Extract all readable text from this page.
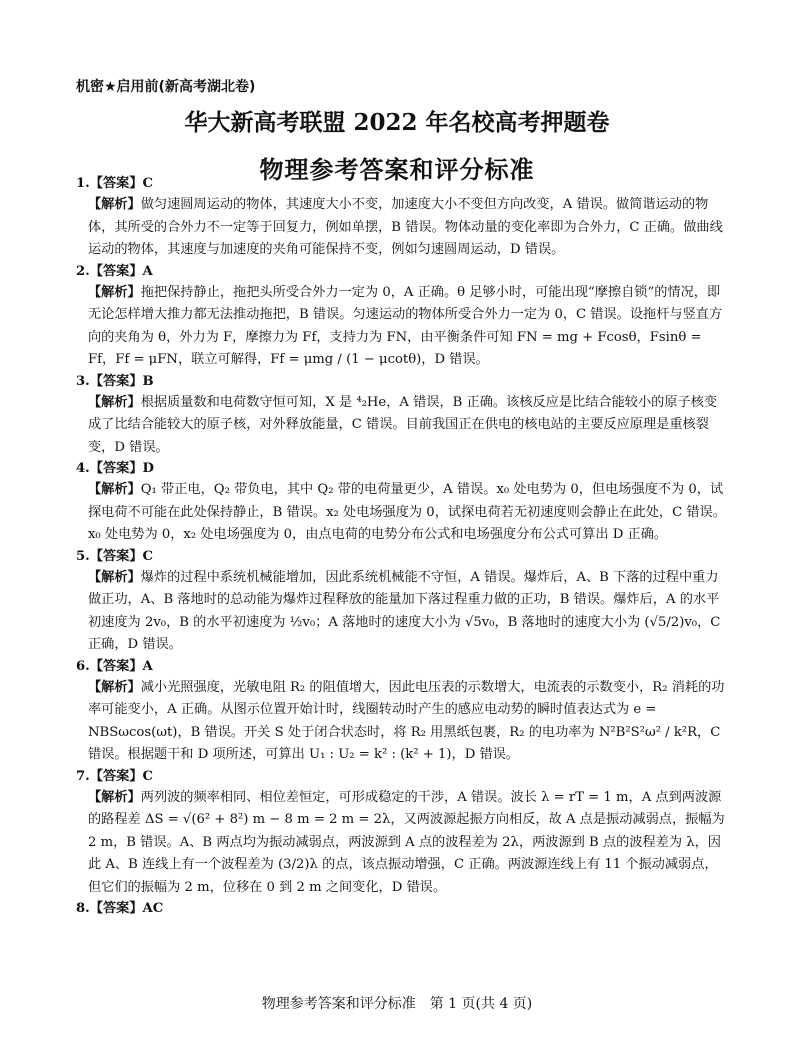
机密★启用前(新高考湖北卷)
华大新高考联盟 2022 年名校高考押题卷
物理参考答案和评分标准

1.【答案】C

【解析】做匀速圆周运动的物体，其速度大小不变，加速度大小不变但方向改变，A 错误。做简谐运动的物体，其所受的合外力不一定等于回复力，例如单摆，B 错误。物体动量的变化率即为合外力，C 正确。做曲线运动的物体，其速度与加速度的夹角可能保持不变，例如匀速圆周运动，D 错误。

2.【答案】A

【解析】拖把保持静止，拖把头所受合外力一定为 0，A 正确。θ 足够小时，可能出现“摩擦自锁”的情况，即无论怎样增大推力都无法推动拖把，B 错误。匀速运动的物体所受合外力一定为 0，C 错误。设拖杆与竖直方向的夹角为 θ，外力为 F，摩擦力为 Ff，支持力为 FN，由平衡条件可知 FN = mg + Fcosθ，Fsinθ = Ff，Ff = μFN，联立可解得，Ff = μmg / (1 − μcotθ)，D 错误。

3.【答案】B

【解析】根据质量数和电荷数守恒可知，X 是 ⁴₂He，A 错误，B 正确。该核反应是比结合能较小的原子核变成了比结合能较大的原子核，对外释放能量，C 错误。目前我国正在供电的核电站的主要反应原理是重核裂变，D 错误。

4.【答案】D

【解析】Q₁ 带正电，Q₂ 带负电，其中 Q₂ 带的电荷量更少，A 错误。x₀ 处电势为 0，但电场强度不为 0，试探电荷不可能在此处保持静止，B 错误。x₂ 处电场强度为 0，试探电荷若无初速度则会静止在此处，C 错误。x₀ 处电势为 0，x₂ 处电场强度为 0，由点电荷的电势分布公式和电场强度分布公式可算出 D 正确。

5.【答案】C

【解析】爆炸的过程中系统机械能增加，因此系统机械能不守恒，A 错误。爆炸后，A、B 下落的过程中重力做正功，A、B 落地时的总动能为爆炸过程释放的能量加下落过程重力做的正功，B 错误。爆炸后，A 的水平初速度为 2v₀，B 的水平初速度为 ½v₀；A 落地时的速度大小为 √5v₀，B 落地时的速度大小为 (√5/2)v₀，C 正确，D 错误。

6.【答案】A

【解析】减小光照强度，光敏电阻 R₂ 的阻值增大，因此电压表的示数增大，电流表的示数变小，R₂ 消耗的功率可能变小，A 正确。从图示位置开始计时，线圈转动时产生的感应电动势的瞬时值表达式为 e = NBSωcos(ωt)，B 错误。开关 S 处于闭合状态时，将 R₂ 用黑纸包裹，R₂ 的电功率为 N²B²S²ω² / k²R，C 错误。根据题干和 D 项所述，可算出 U₁ : U₂ = k² : (k² + 1)，D 错误。

7.【答案】C

【解析】两列波的频率相同、相位差恒定，可形成稳定的干涉，A 错误。波长 λ = rT = 1 m，A 点到两波源的路程差 ΔS = √(6² + 8²) m − 8 m = 2 m = 2λ，又两波源起振方向相反，故 A 点是振动减弱点，振幅为 2 m，B 错误。A、B 两点均为振动减弱点，两波源到 A 点的波程差为 2λ，两波源到 B 点的波程差为 λ，因此 A、B 连线上有一个波程差为 (3/2)λ 的点，该点振动增强，C 正确。两波源连线上有 11 个振动减弱点，但它们的振幅为 2 m，位移在 0 到 2 m 之间变化，D 错误。

8.【答案】AC

物理参考答案和评分标准　第 1 页(共 4 页)
